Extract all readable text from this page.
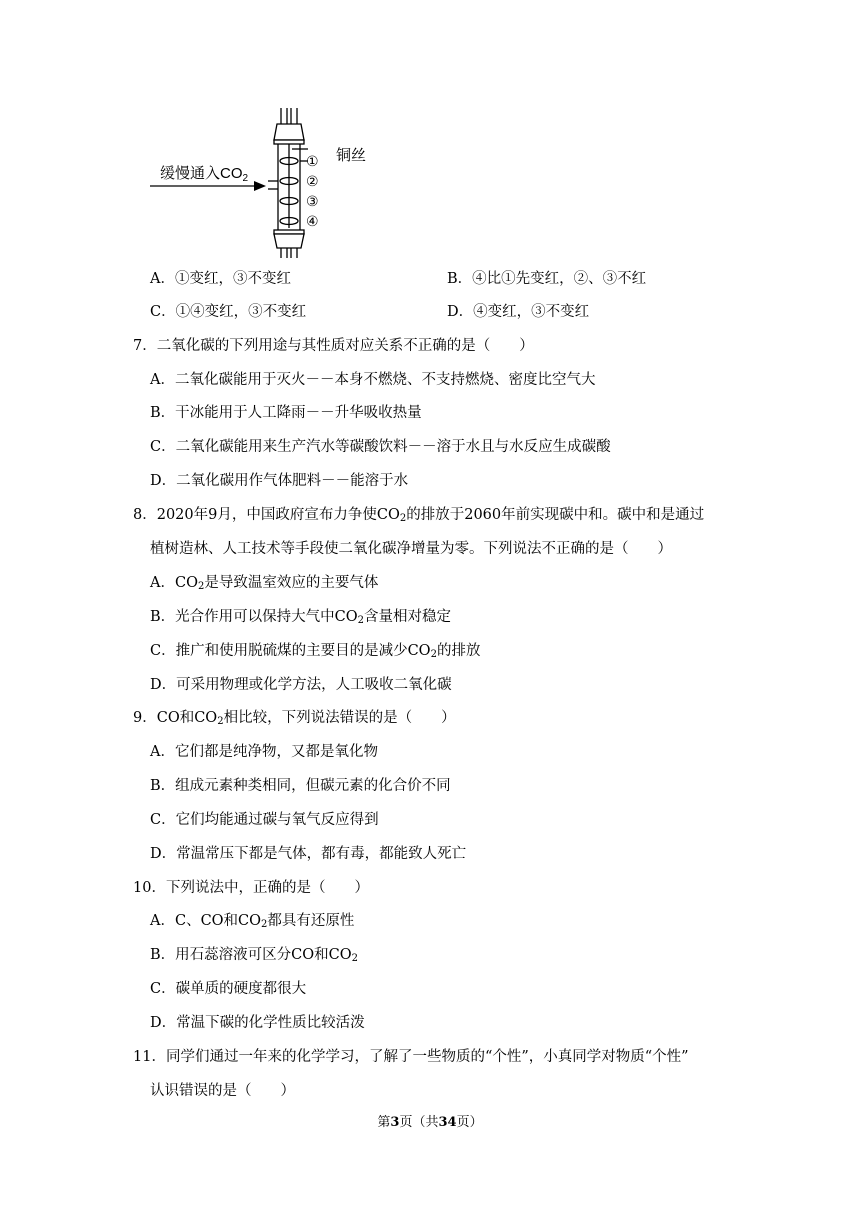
缓慢通入$CO_2$
铜丝
①
②
③
④
A．①变红，③不变红	B．④比①先变红，②、③不红
C．①④变红，③不变红	D．④变红，③不变红
7．二氧化碳的下列用途与其性质对应关系不正确的是（　　）
A．二氧化碳能用于灭火－－本身不燃烧、不支持燃烧、密度比空气大
B．干冰能用于人工降雨－－升华吸收热量
C．二氧化碳能用来生产汽水等碳酸饮料－－溶于水且与水反应生成碳酸
D．二氧化碳用作气体肥料－－能溶于水
8．2020年9月，中国政府宣布力争使$CO_2$的排放于2060年前实现碳中和。碳中和是通过
植树造林、人工技术等手段使二氧化碳净增量为零。下列说法不正确的是（　　）
A．$CO_2$是导致温室效应的主要气体
B．光合作用可以保持大气中$CO_2$含量相对稳定
C．推广和使用脱硫煤的主要目的是减少$CO_2$的排放
D．可采用物理或化学方法，人工吸收二氧化碳
9．CO和$CO_2$相比较，下列说法错误的是（　　）
A．它们都是纯净物，又都是氧化物
B．组成元素种类相同，但碳元素的化合价不同
C．它们均能通过碳与氧气反应得到
D．常温常压下都是气体，都有毒，都能致人死亡
10．下列说法中，正确的是（　　）
A．C、CO和$CO_2$都具有还原性
B．用石蕊溶液可区分CO和$CO_2$
C．碳单质的硬度都很大
D．常温下碳的化学性质比较活泼
11．同学们通过一年来的化学学习，了解了一些物质的“个性”，小真同学对物质“个性”
认识错误的是（　　）
第3页（共34页）
